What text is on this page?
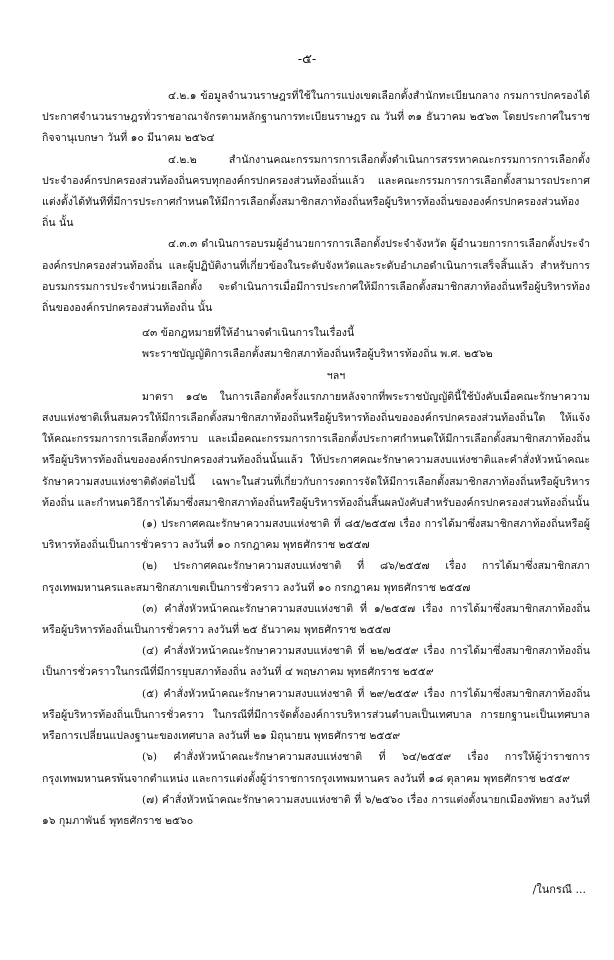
-๕-

๔.๒.๑ ข้อมูลจำนวนราษฎรที่ใช้ในการแบ่งเขตเลือกตั้งสำนักทะเบียนกลาง กรมการปกครองได้ประกาศจำนวนราษฎรทั่วราชอาณาจักรตามหลักฐานการทะเบียนราษฎร ณ วันที่ ๓๑ ธันวาคม ๒๕๖๓ โดยประกาศในราชกิจจานุเบกษา วันที่ ๑๐ มีนาคม ๒๕๖๔

๔.๒.๒ สำนักงานคณะกรรมการการเลือกตั้งดำเนินการสรรหาคณะกรรมการการเลือกตั้งประจำองค์กรปกครองส่วนท้องถิ่นครบทุกองค์กรปกครองส่วนท้องถิ่นแล้ว และคณะกรรมการการเลือกตั้งสามารถประกาศแต่งตั้งได้ทันทีที่มีการประกาศกำหนดให้มีการเลือกตั้งสมาชิกสภาท้องถิ่นหรือผู้บริหารท้องถิ่นขององค์กรปกครองส่วนท้องถิ่น นั้น

๔.๓.๓ ดำเนินการอบรมผู้อำนวยการการเลือกตั้งประจำจังหวัด ผู้อำนวยการการเลือกตั้งประจำองค์กรปกครองส่วนท้องถิ่น และผู้ปฏิบัติงานที่เกี่ยวข้องในระดับจังหวัดและระดับอำเภอดำเนินการเสร็จสิ้นแล้ว สำหรับการอบรมกรรมการประจำหน่วยเลือกตั้ง จะดำเนินการเมื่อมีการประกาศให้มีการเลือกตั้งสมาชิกสภาท้องถิ่นหรือผู้บริหารท้องถิ่นขององค์กรปกครองส่วนท้องถิ่น นั้น

๔๓ ข้อกฎหมายที่ให้อำนาจดำเนินการในเรื่องนี้
พระราชบัญญัติการเลือกตั้งสมาชิกสภาท้องถิ่นหรือผู้บริหารท้องถิ่น พ.ศ. ๒๕๖๒
ฯลฯ

มาตรา ๑๔๒ ในการเลือกตั้งครั้งแรกภายหลังจากที่พระราชบัญญัตินี้ใช้บังคับเมื่อคณะรักษาความสงบแห่งชาติเห็นสมควรให้มีการเลือกตั้งสมาชิกสภาท้องถิ่นหรือผู้บริหารท้องถิ่นขององค์กรปกครองส่วนท้องถิ่นใด ให้แจ้งให้คณะกรรมการการเลือกตั้งทราบ และเมื่อคณะกรรมการการเลือกตั้งประกาศกำหนดให้มีการเลือกตั้งสมาชิกสภาท้องถิ่นหรือผู้บริหารท้องถิ่นขององค์กรปกครองส่วนท้องถิ่นนั้นแล้ว ให้ประกาศคณะรักษาความสงบแห่งชาติและคำสั่งหัวหน้าคณะรักษาความสงบแห่งชาติดังต่อไปนี้ เฉพาะในส่วนที่เกี่ยวกับการงดการจัดให้มีการเลือกตั้งสมาชิกสภาท้องถิ่นหรือผู้บริหารท้องถิ่น และกำหนดวิธีการได้มาซึ่งสมาชิกสภาท้องถิ่นหรือผู้บริหารท้องถิ่นสิ้นผลบังคับสำหรับองค์กรปกครองส่วนท้องถิ่นนั้น

(๑) ประกาศคณะรักษาความสงบแห่งชาติ ที่ ๘๕/๒๕๕๗ เรื่อง การได้มาซึ่งสมาชิกสภาท้องถิ่นหรือผู้บริหารท้องถิ่นเป็นการชั่วคราว ลงวันที่ ๑๐ กรกฎาคม พุทธศักราช ๒๕๕๗

(๒) ประกาศคณะรักษาความสงบแห่งชาติ ที่ ๘๖/๒๕๕๗ เรื่อง การได้มาซึ่งสมาชิกสภากรุงเทพมหานครและสมาชิกสภาเขตเป็นการชั่วคราว ลงวันที่ ๑๐ กรกฎาคม พุทธศักราช ๒๕๕๗

(๓) คำสั่งหัวหน้าคณะรักษาความสงบแห่งชาติ ที่ ๑/๒๕๕๗ เรื่อง การได้มาซึ่งสมาชิกสภาท้องถิ่นหรือผู้บริหารท้องถิ่นเป็นการชั่วคราว ลงวันที่ ๒๕ ธันวาคม พุทธศักราช ๒๕๕๗

(๔) คำสั่งหัวหน้าคณะรักษาความสงบแห่งชาติ ที่ ๒๒/๒๕๕๙ เรื่อง การได้มาซึ่งสมาชิกสภาท้องถิ่นเป็นการชั่วคราวในกรณีที่มีการยุบสภาท้องถิ่น ลงวันที่ ๔ พฤษภาคม พุทธศักราช ๒๕๕๙

(๕) คำสั่งหัวหน้าคณะรักษาความสงบแห่งชาติ ที่ ๒๙/๒๕๕๙ เรื่อง การได้มาซึ่งสมาชิกสภาท้องถิ่นหรือผู้บริหารท้องถิ่นเป็นการชั่วคราว ในกรณีที่มีการจัดตั้งองค์การบริหารส่วนตำบลเป็นเทศบาล การยกฐานะเป็นเทศบาลหรือการเปลี่ยนแปลงฐานะของเทศบาล ลงวันที่ ๒๑ มิถุนายน พุทธศักราช ๒๕๕๙

(๖) คำสั่งหัวหน้าคณะรักษาความสงบแห่งชาติ ที่ ๖๔/๒๕๕๙ เรื่อง การให้ผู้ว่าราชการกรุงเทพมหานครพ้นจากตำแหน่ง และการแต่งตั้งผู้ว่าราชการกรุงเทพมหานคร ลงวันที่ ๑๘ ตุลาคม พุทธศักราช ๒๕๕๙

(๗) คำสั่งหัวหน้าคณะรักษาความสงบแห่งชาติ ที่ ๖/๒๕๖๐ เรื่อง การแต่งตั้งนายกเมืองพัทยา ลงวันที่ ๑๖ กุมภาพันธ์ พุทธศักราช ๒๕๖๐

/ในกรณี ...
